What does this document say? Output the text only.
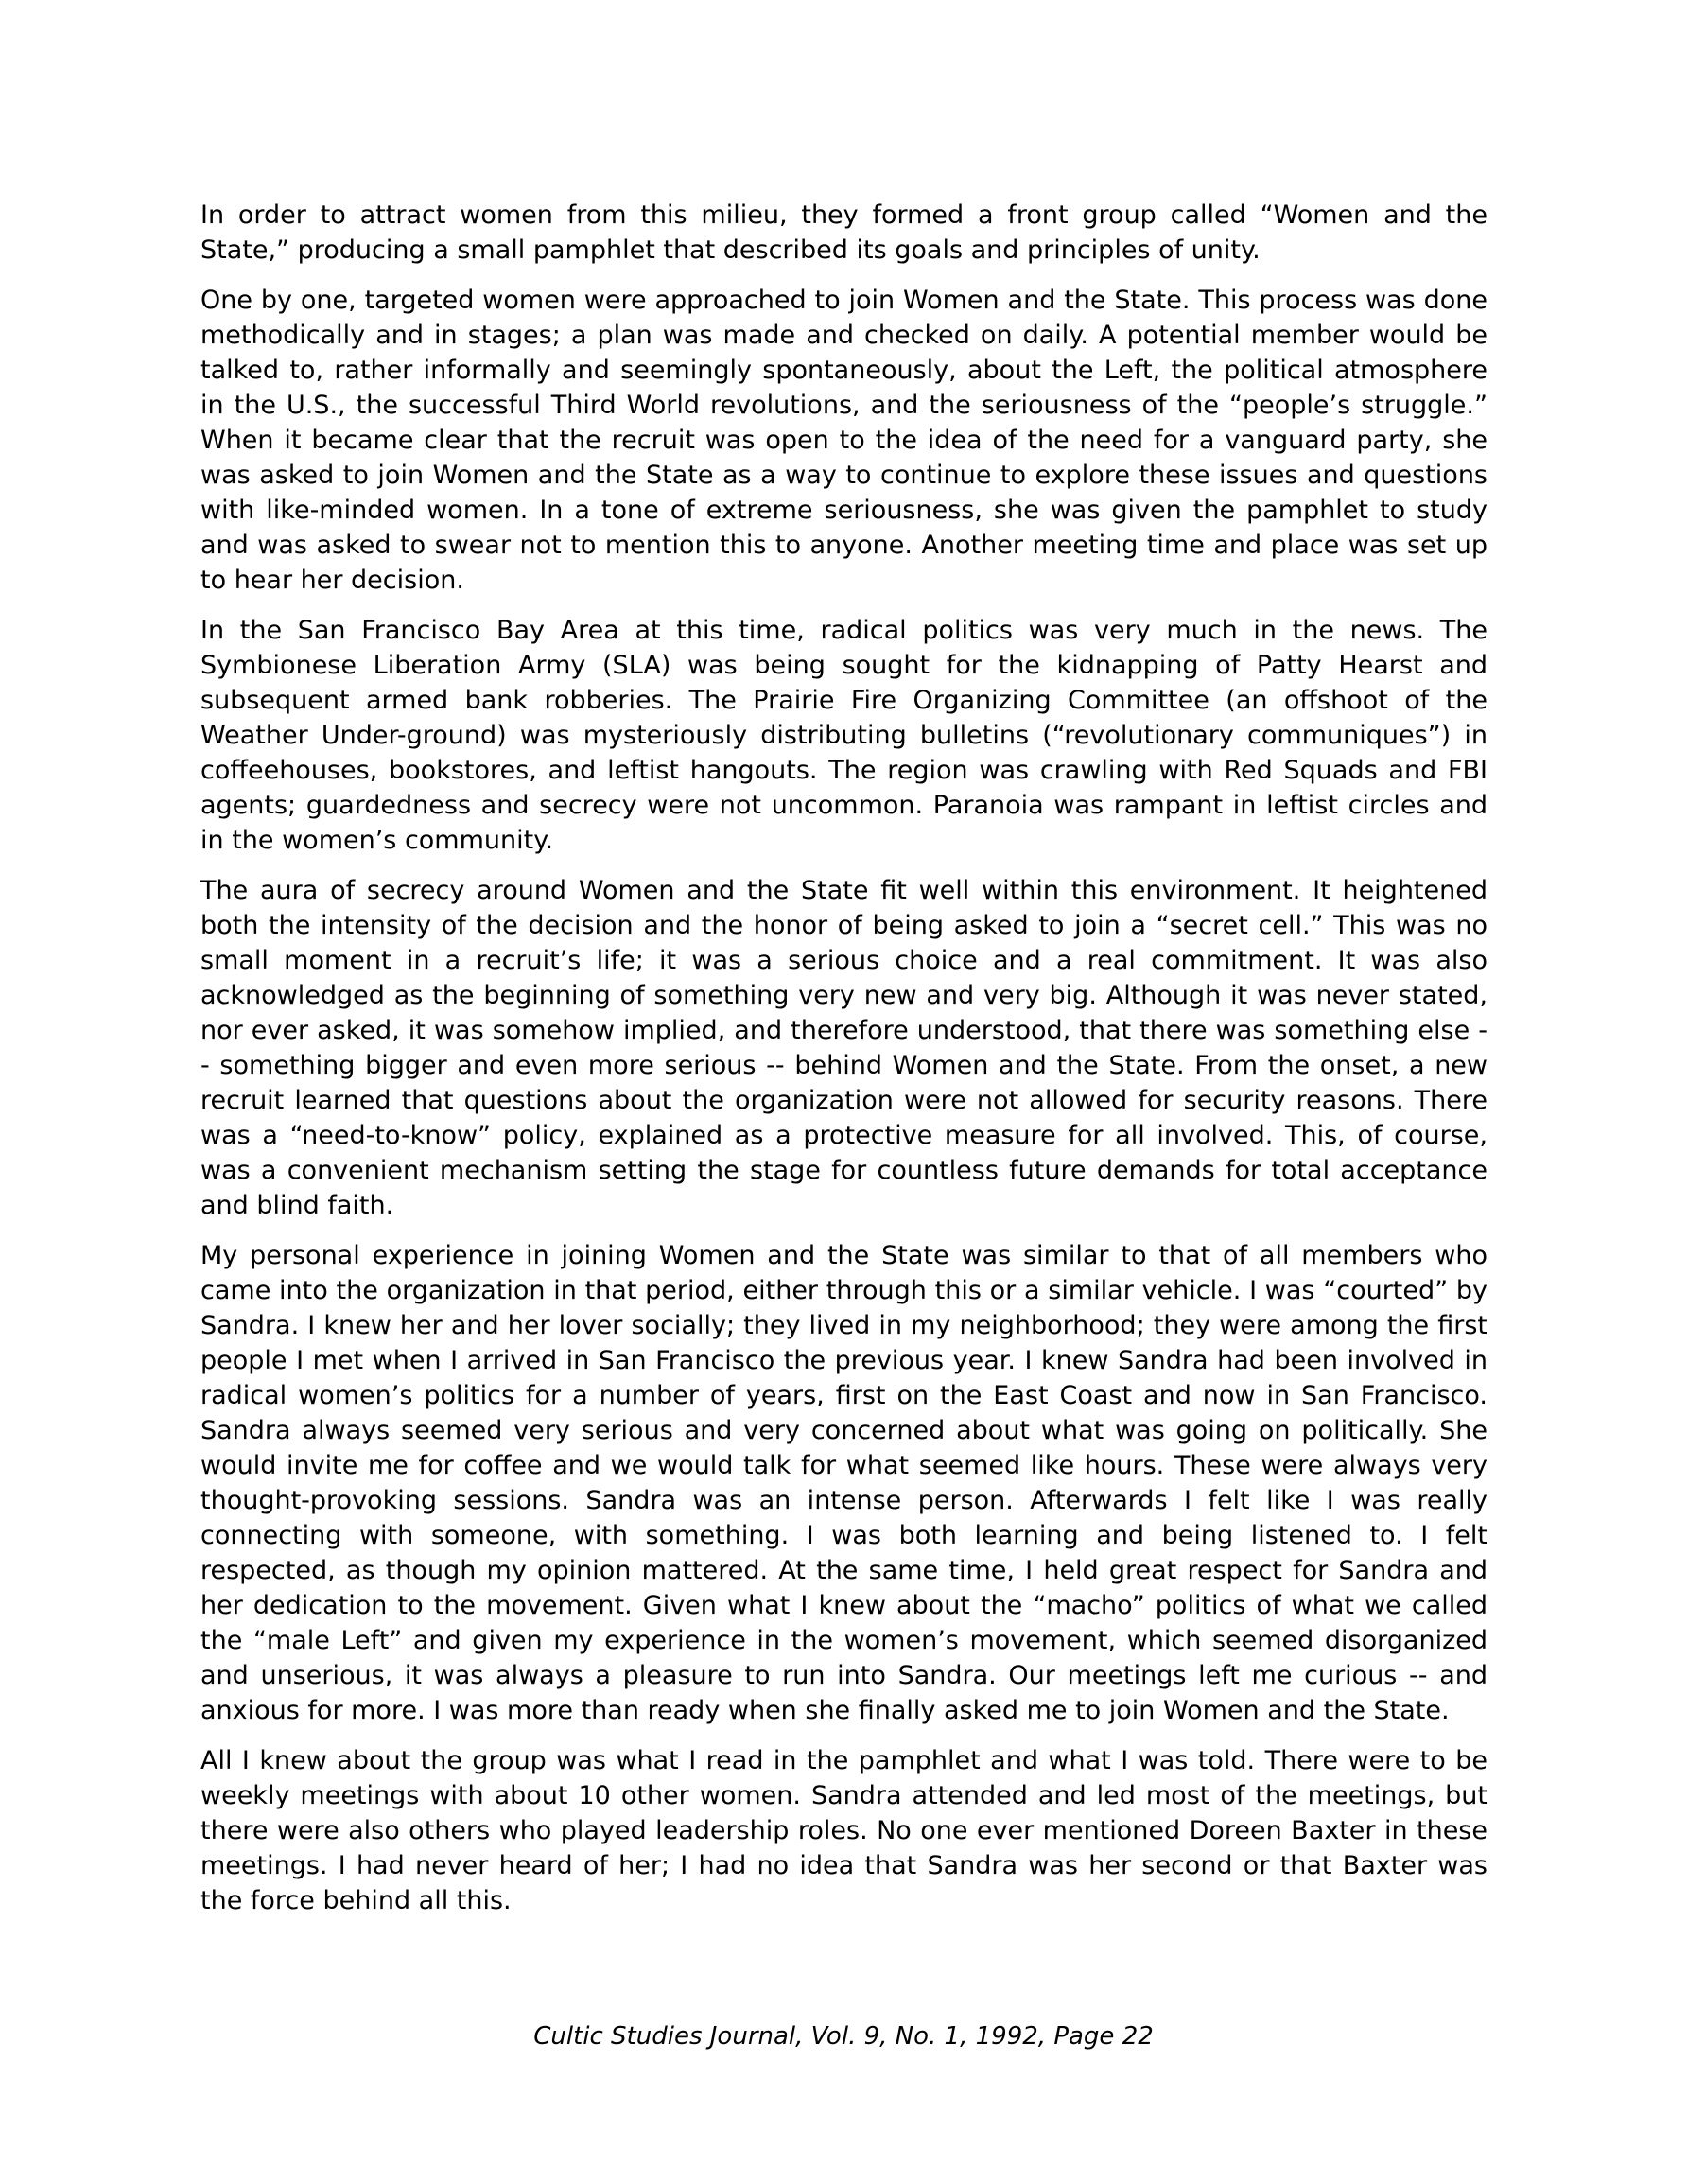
In order to attract women from this milieu, they formed a front group called “Women and the State,” producing a small pamphlet that described its goals and principles of unity.

One by one, targeted women were approached to join Women and the State. This process was done methodically and in stages; a plan was made and checked on daily. A potential member would be talked to, rather informally and seemingly spontaneously, about the Left, the political atmosphere in the U.S., the successful Third World revolutions, and the seriousness of the “people’s struggle.” When it became clear that the recruit was open to the idea of the need for a vanguard party, she was asked to join Women and the State as a way to continue to explore these issues and questions with like-minded women. In a tone of extreme seriousness, she was given the pamphlet to study and was asked to swear not to mention this to anyone. Another meeting time and place was set up to hear her decision.

In the San Francisco Bay Area at this time, radical politics was very much in the news. The Symbionese Liberation Army (SLA) was being sought for the kidnapping of Patty Hearst and subsequent armed bank robberies. The Prairie Fire Organizing Committee (an offshoot of the Weather Under-ground) was mysteriously distributing bulletins (“revolutionary communiques”) in coffeehouses, bookstores, and leftist hangouts. The region was crawling with Red Squads and FBI agents; guardedness and secrecy were not uncommon. Paranoia was rampant in leftist circles and in the women’s community.

The aura of secrecy around Women and the State fit well within this environment. It heightened both the intensity of the decision and the honor of being asked to join a “secret cell.” This was no small moment in a recruit’s life; it was a serious choice and a real commitment. It was also acknowledged as the beginning of something very new and very big. Although it was never stated, nor ever asked, it was somehow implied, and therefore understood, that there was something else -- something bigger and even more serious -- behind Women and the State. From the onset, a new recruit learned that questions about the organization were not allowed for security reasons. There was a “need-to-know” policy, explained as a protective measure for all involved. This, of course, was a convenient mechanism setting the stage for countless future demands for total acceptance and blind faith.

My personal experience in joining Women and the State was similar to that of all members who came into the organization in that period, either through this or a similar vehicle. I was “courted” by Sandra. I knew her and her lover socially; they lived in my neighborhood; they were among the first people I met when I arrived in San Francisco the previous year. I knew Sandra had been involved in radical women’s politics for a number of years, first on the East Coast and now in San Francisco. Sandra always seemed very serious and very concerned about what was going on politically. She would invite me for coffee and we would talk for what seemed like hours. These were always very thought-provoking sessions. Sandra was an intense person. Afterwards I felt like I was really connecting with someone, with something. I was both learning and being listened to. I felt respected, as though my opinion mattered. At the same time, I held great respect for Sandra and her dedication to the movement. Given what I knew about the “macho” politics of what we called the “male Left” and given my experience in the women’s movement, which seemed disorganized and unserious, it was always a pleasure to run into Sandra. Our meetings left me curious -- and anxious for more. I was more than ready when she finally asked me to join Women and the State.

All I knew about the group was what I read in the pamphlet and what I was told. There were to be weekly meetings with about 10 other women. Sandra attended and led most of the meetings, but there were also others who played leadership roles. No one ever mentioned Doreen Baxter in these meetings. I had never heard of her; I had no idea that Sandra was her second or that Baxter was the force behind all this.

Cultic Studies Journal, Vol. 9, No. 1, 1992, Page 22
